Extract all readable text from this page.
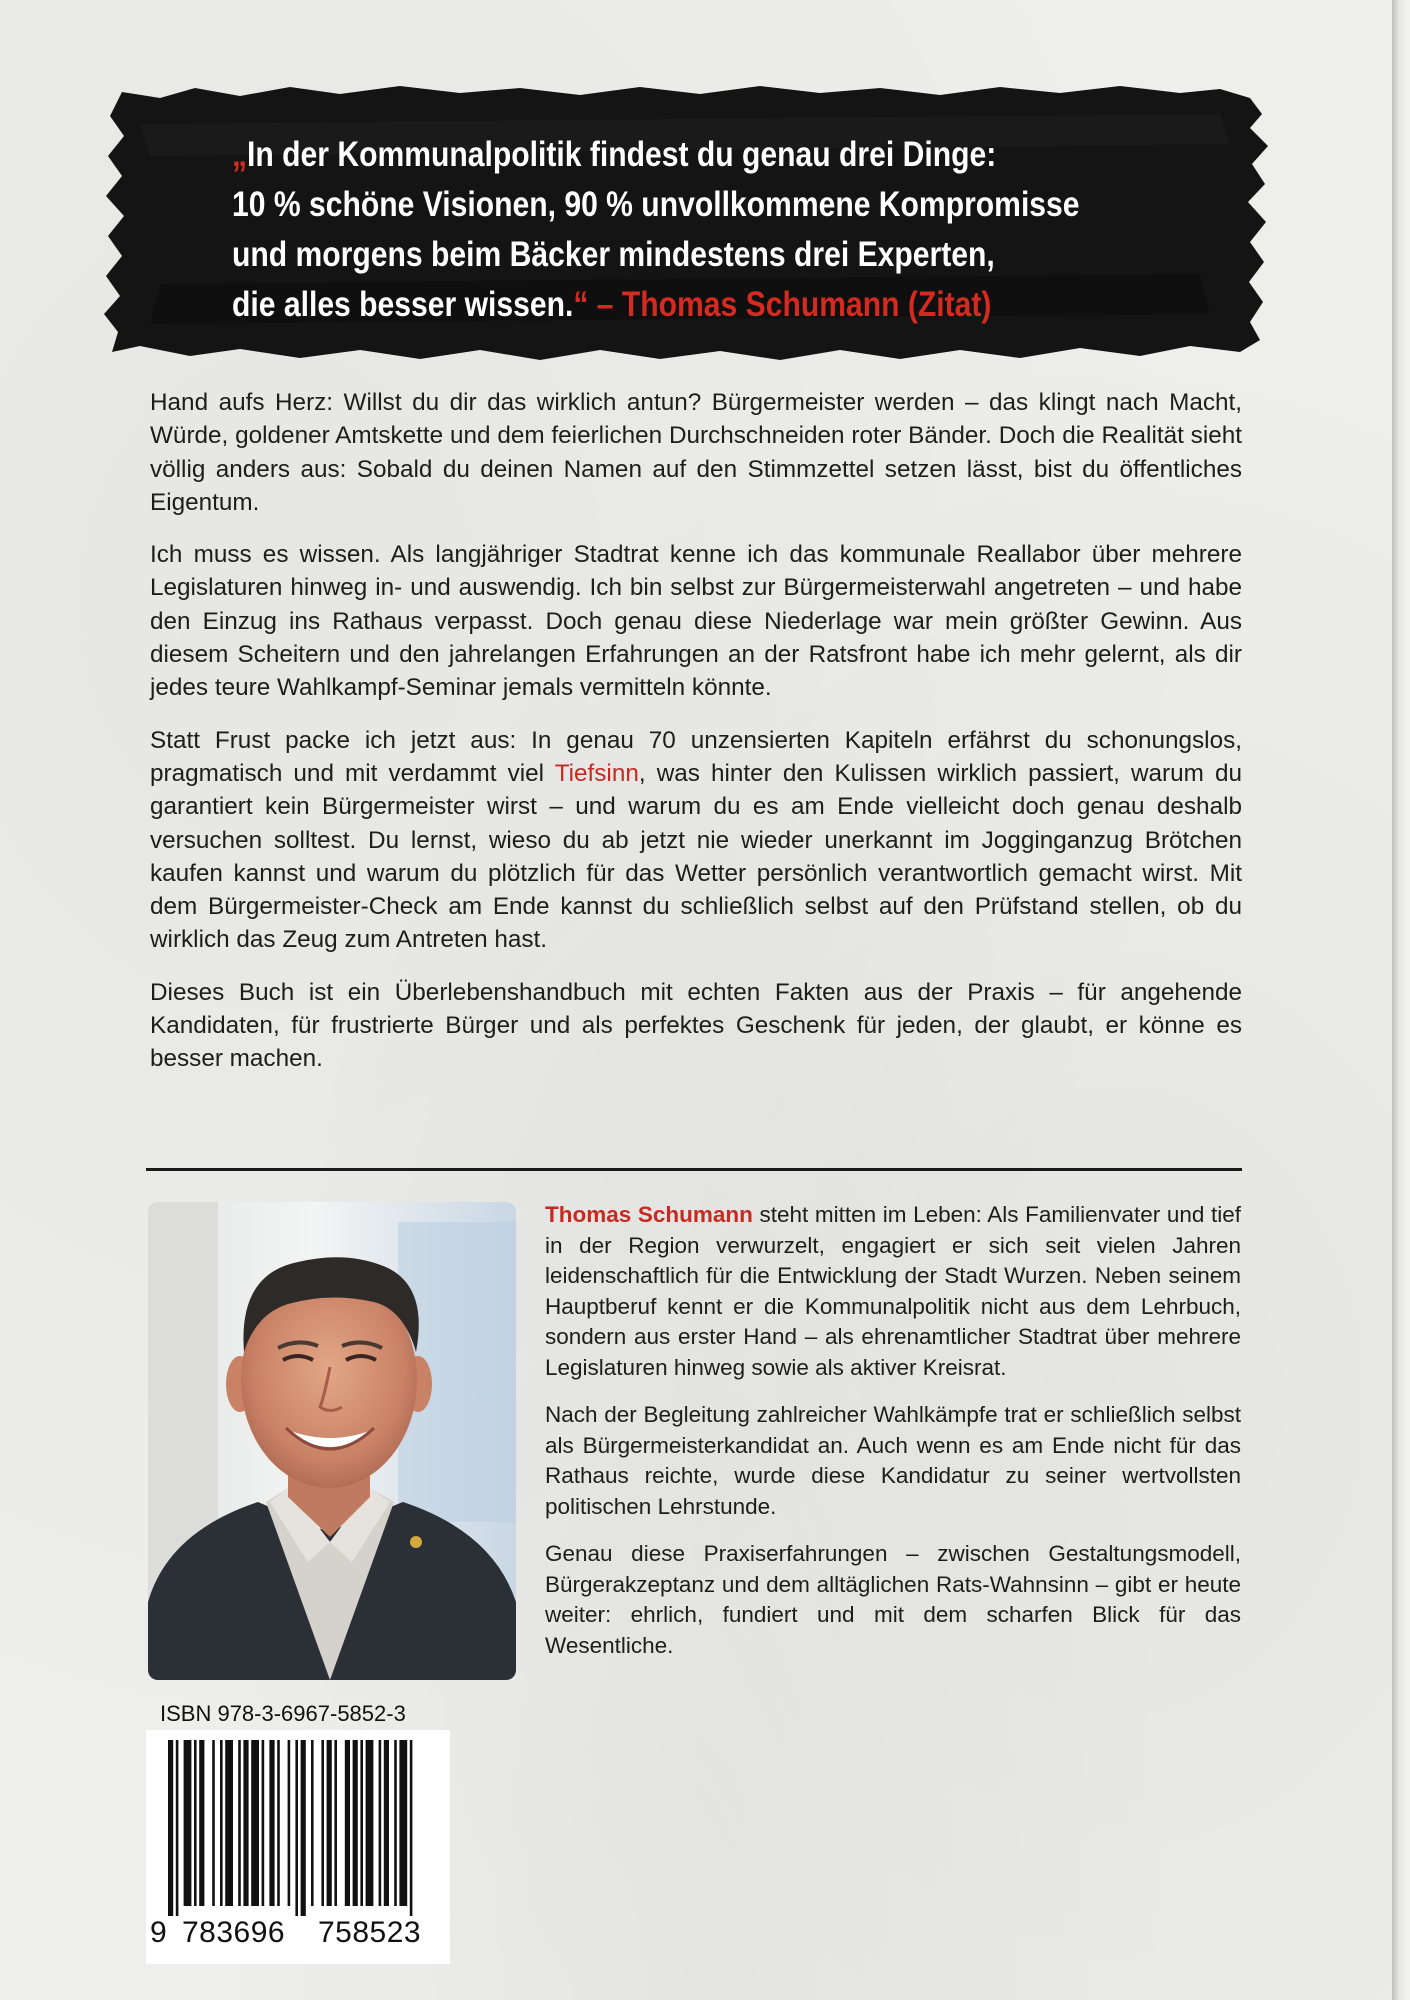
„In der Kommunalpolitik findest du genau drei Dinge:
10 % schöne Visionen, 90 % unvollkommene Kompromisse
und morgens beim Bäcker mindestens drei Experten,
die alles besser wissen.“ – Thomas Schumann (Zitat)

Hand aufs Herz: Willst du dir das wirklich antun? Bürgermeister werden – das klingt nach Macht, Würde, goldener Amtskette und dem feierlichen Durchschneiden roter Bänder. Doch die Realität sieht völlig anders aus: Sobald du deinen Namen auf den Stimmzettel setzen lässt, bist du öffentliches Eigentum.

Ich muss es wissen. Als langjähriger Stadtrat kenne ich das kommunale Reallabor über mehrere Legislaturen hinweg in- und auswendig. Ich bin selbst zur Bürgermeisterwahl angetreten – und habe den Einzug ins Rathaus verpasst. Doch genau diese Niederlage war mein größter Gewinn. Aus diesem Scheitern und den jahrelangen Erfahrungen an der Ratsfront habe ich mehr gelernt, als dir jedes teure Wahlkampf-Seminar jemals vermitteln könnte.

Statt Frust packe ich jetzt aus: In genau 70 unzensierten Kapiteln erfährst du schonungslos, pragmatisch und mit verdammt viel Tiefsinn, was hinter den Kulissen wirklich passiert, warum du garantiert kein Bürgermeister wirst – und warum du es am Ende vielleicht doch genau deshalb versuchen solltest. Du lernst, wieso du ab jetzt nie wieder unerkannt im Jogginganzug Brötchen kaufen kannst und warum du plötzlich für das Wetter persönlich verantwortlich gemacht wirst. Mit dem Bürgermeister-Check am Ende kannst du schließlich selbst auf den Prüfstand stellen, ob du wirklich das Zeug zum Antreten hast.

Dieses Buch ist ein Überlebenshandbuch mit echten Fakten aus der Praxis – für angehende Kandidaten, für frustrierte Bürger und als perfektes Geschenk für jeden, der glaubt, er könne es besser machen.

Thomas Schumann steht mitten im Leben: Als Familienvater und tief in der Region verwurzelt, engagiert er sich seit vielen Jahren leidenschaftlich für die Entwicklung der Stadt Wurzen. Neben seinem Hauptberuf kennt er die Kommunalpolitik nicht aus dem Lehrbuch, sondern aus erster Hand – als ehrenamtlicher Stadtrat über mehrere Legislaturen hinweg sowie als aktiver Kreisrat.

Nach der Begleitung zahlreicher Wahlkämpfe trat er schließlich selbst als Bürgermeisterkandidat an. Auch wenn es am Ende nicht für das Rathaus reichte, wurde diese Kandidatur zu seiner wertvollsten politischen Lehrstunde.

Genau diese Praxiserfahrungen – zwischen Gestaltungsmodell, Bürgerakzeptanz und dem alltäglichen Rats-Wahnsinn – gibt er heute weiter: ehrlich, fundiert und mit dem scharfen Blick für das Wesentliche.

ISBN 978-3-6967-5852-3
9 783696 758523
